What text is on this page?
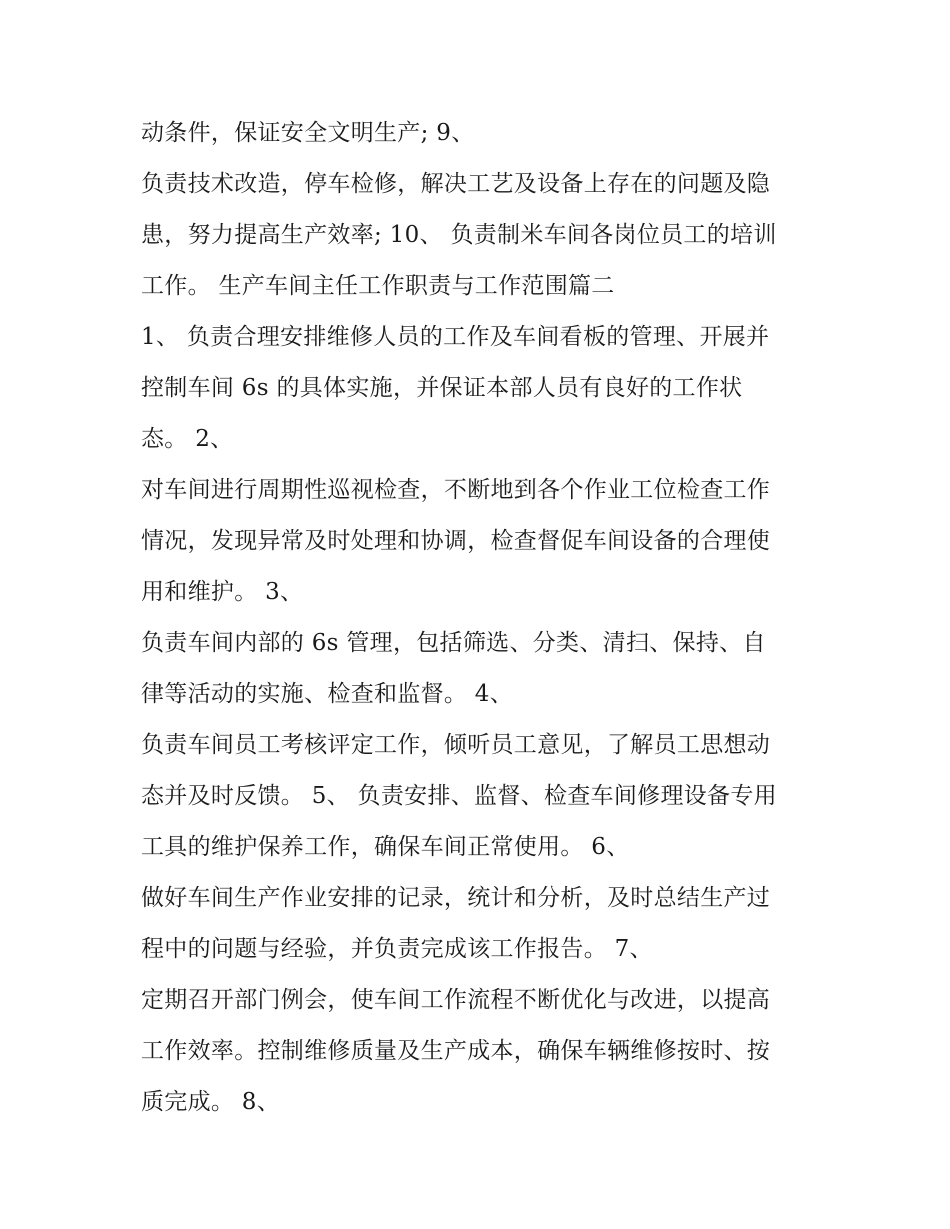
动条件，保证安全文明生产; 9、
负责技术改造，停车检修，解决工艺及设备上存在的问题及隐
患，努力提高生产效率; 10、 负责制米车间各岗位员工的培训
工作。 生产车间主任工作职责与工作范围篇二
1、 负责合理安排维修人员的工作及车间看板的管理、开展并
控制车间 6s 的具体实施，并保证本部人员有良好的工作状
态。 2、
对车间进行周期性巡视检查，不断地到各个作业工位检查工作
情况，发现异常及时处理和协调，检查督促车间设备的合理使
用和维护。 3、
负责车间内部的 6s 管理，包括筛选、分类、清扫、保持、自
律等活动的实施、检查和监督。 4、
负责车间员工考核评定工作，倾听员工意见，了解员工思想动
态并及时反馈。 5、 负责安排、监督、检查车间修理设备专用
工具的维护保养工作，确保车间正常使用。 6、
做好车间生产作业安排的记录，统计和分析，及时总结生产过
程中的问题与经验，并负责完成该工作报告。 7、
定期召开部门例会，使车间工作流程不断优化与改进，以提高
工作效率。控制维修质量及生产成本，确保车辆维修按时、按
质完成。 8、
